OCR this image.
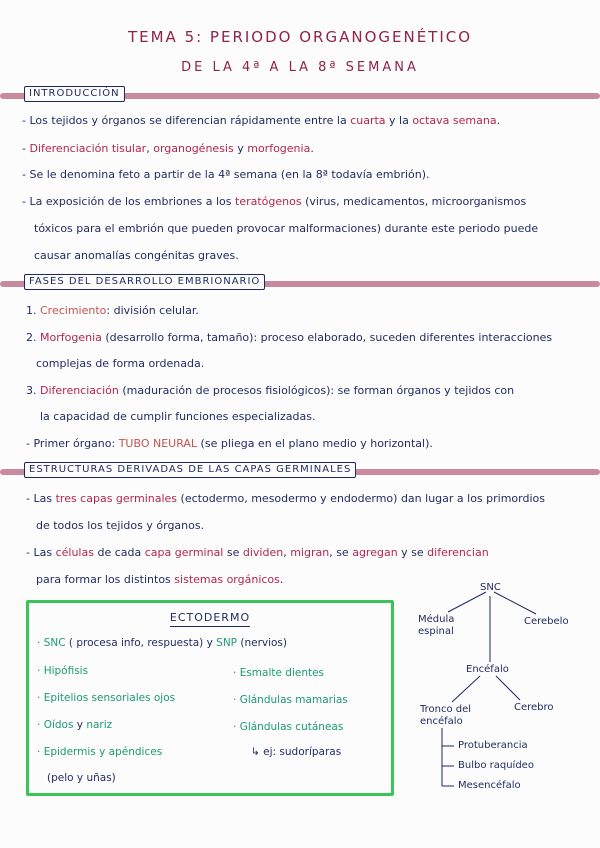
TEMA 5: PERIODO ORGANOGENÉTICO
DE LA 4ª A LA 8ª SEMANA
INTRODUCCIÓN
- Los tejidos y órganos se diferencian rápidamente entre la cuarta y la octava semana.
- Diferenciación tisular, organogénesis y morfogenia.
- Se le denomina feto a partir de la 4ª semana (en la 8ª todavía embrión).
- La exposición de los embriones a los teratógenos (virus, medicamentos, microorganismos
tóxicos para el embrión que pueden provocar malformaciones) durante este periodo puede
causar anomalías congénitas graves.
FASES DEL DESARROLLO EMBRIONARIO
1. Crecimiento: división celular.
2. Morfogenia (desarrollo forma, tamaño): proceso elaborado, suceden diferentes interacciones
complejas de forma ordenada.
3. Diferenciación (maduración de procesos fisiológicos): se forman órganos y tejidos con
la capacidad de cumplir funciones especializadas.
- Primer órgano: TUBO NEURAL (se pliega en el plano medio y horizontal).
ESTRUCTURAS DERIVADAS DE LAS CAPAS GERMINALES
- Las tres capas germinales (ectodermo, mesodermo y endodermo) dan lugar a los primordios
de todos los tejidos y órganos.
- Las células de cada capa germinal se dividen, migran, se agregan y se diferencian
para formar los distintos sistemas orgánicos.
ECTODERMO
· SNC ( procesa info, respuesta) y SNP (nervios)
· Hipófisis
· Epitelios sensoriales ojos
· Oídos y nariz
· Epidermis y apéndices
(pelo y uñas)
· Esmalte dientes
· Glándulas mamarias
· Glándulas cutáneas
↳ ej: sudoríparas
SNC
Médula espinal
Cerebelo
Encéfalo
Tronco del encéfalo
Cerebro
Protuberancia
Bulbo raquídeo
Mesencéfalo
